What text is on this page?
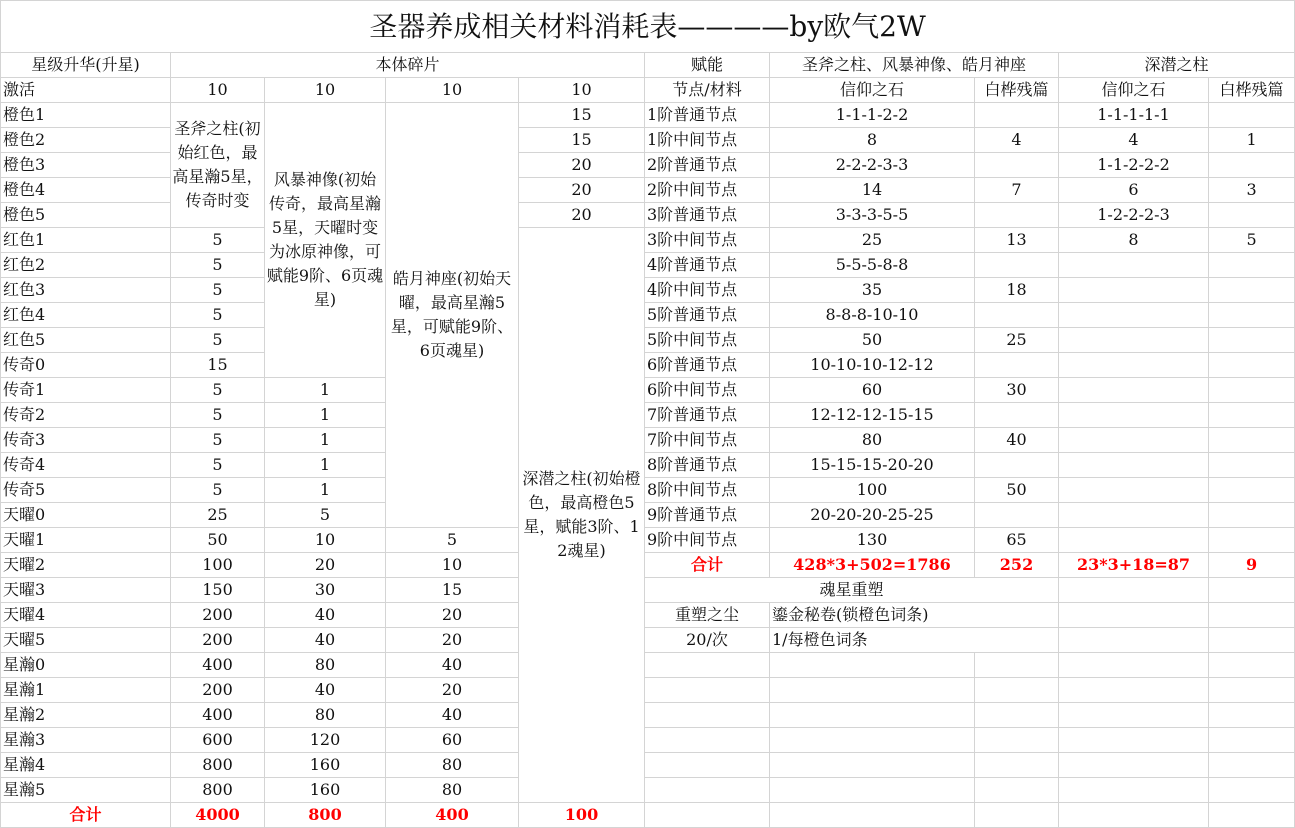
圣器养成相关材料消耗表————by欧气2W									
星级升华(升星)	本体碎片				赋能	圣斧之柱、风暴神像、皓月神座		深潜之柱	
激活	10	10	10	10	节点/材料	信仰之石	白桦残篇	信仰之石	白桦残篇
橙色1	圣斧之柱(初始红色，最高星瀚5星，传奇时变	风暴神像(初始传奇，最高星瀚5星，天曜时变为冰原神像，可赋能9阶、6页魂星)	皓月神座(初始天曜，最高星瀚5星，可赋能9阶、6页魂星)	15	1阶普通节点	1-1-1-2-2		1-1-1-1-1	
橙色2				15	1阶中间节点	8	4	4	1
橙色3				20	2阶普通节点	2-2-2-3-3		1-1-2-2-2	
橙色4				20	2阶中间节点	14	7	6	3
橙色5				20	3阶普通节点	3-3-3-5-5		1-2-2-2-3	
红色1	5			深潜之柱(初始橙色，最高橙色5星，赋能3阶、12魂星)	3阶中间节点	25	13	8	5
红色2	5				4阶普通节点	5-5-5-8-8			
红色3	5				4阶中间节点	35	18		
红色4	5				5阶普通节点	8-8-8-10-10			
红色5	5				5阶中间节点	50	25		
传奇0	15				6阶普通节点	10-10-10-12-12			
传奇1	5	1			6阶中间节点	60	30		
传奇2	5	1			7阶普通节点	12-12-12-15-15			
传奇3	5	1			7阶中间节点	80	40		
传奇4	5	1			8阶普通节点	15-15-15-20-20			
传奇5	5	1			8阶中间节点	100	50		
天曜0	25	5			9阶普通节点	20-20-20-25-25			
天曜1	50	10	5		9阶中间节点	130	65		
天曜2	100	20	10		合计	428*3+502=1786	252	23*3+18=87	9
天曜3	150	30	15		魂星重塑				
天曜4	200	40	20		重塑之尘	鎏金秘卷(锁橙色词条)			
天曜5	200	40	20		20/次	1/每橙色词条			
星瀚0	400	80	40						
星瀚1	200	40	20						
星瀚2	400	80	40						
星瀚3	600	120	60						
星瀚4	800	160	80						
星瀚5	800	160	80						
合计	4000	800	400	100					
